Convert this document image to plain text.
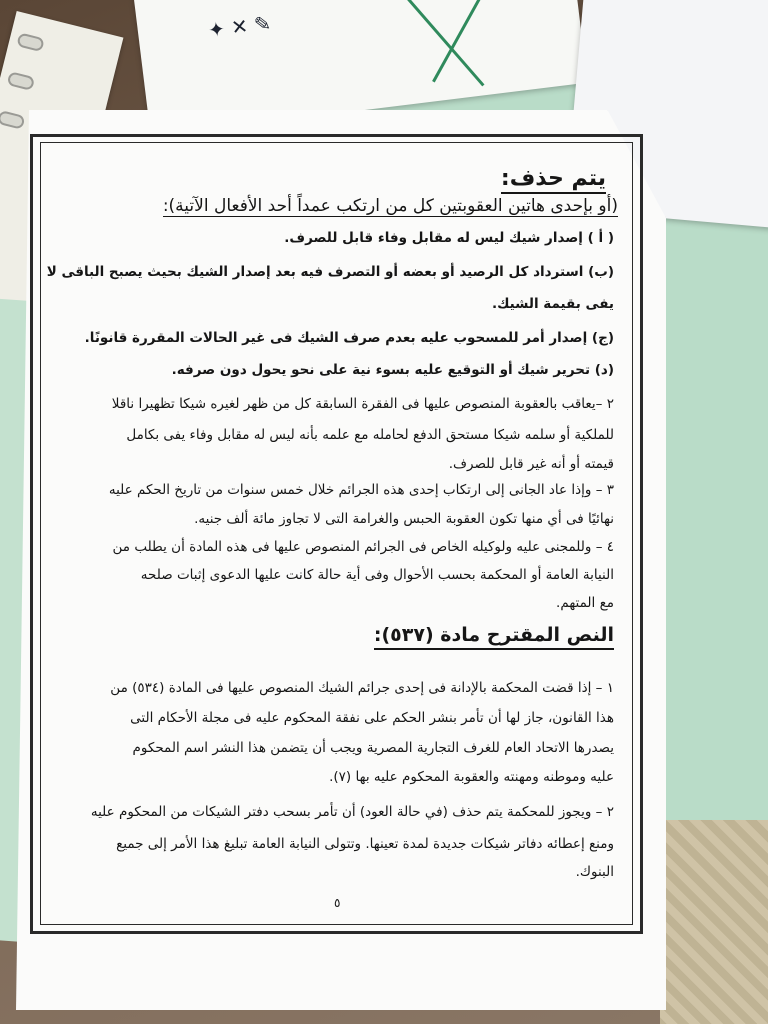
✦ ✕ ✎
يتم حذف:
(أو بإحدى هاتين العقوبتين كل من ارتكب عمداً أحد الأفعال الآتية):
( أ ) إصدار شيك ليس له مقابل وفاء قابل للصرف.
(ب) استرداد كل الرصيد أو بعضه أو التصرف فيه بعد إصدار الشيك بحيث يصبح الباقى لا
يفى بقيمة الشيك.
(ج) إصدار أمر للمسحوب عليه بعدم صرف الشيك فى غير الحالات المقررة قانونًا.
(د) تحرير شيك أو التوقيع عليه بسوء نية على نحو يحول دون صرفه.
٢ –يعاقب بالعقوبة المنصوص عليها فى الفقرة السابقة كل من ظهر لغيره شيكا تظهيرا ناقلا
للملكية أو سلمه شيكا مستحق الدفع لحامله مع علمه بأنه ليس له مقابل وفاء يفى بكامل
قيمته أو أنه غير قابل للصرف.
٣ – وإذا عاد الجانى إلى ارتكاب إحدى هذه الجرائم خلال خمس سنوات من تاريخ الحكم عليه
نهائيًا فى أي منها تكون العقوبة الحبس والغرامة التى لا تجاوز مائة ألف جنيه.
٤ – وللمجنى عليه ولوكيله الخاص فى الجرائم المنصوص عليها فى هذه المادة أن يطلب من
النيابة العامة أو المحكمة بحسب الأحوال وفى أية حالة كانت عليها الدعوى إثبات صلحه
مع المتهم.
النص المقترح مادة (٥٣٧):
١ – إذا قضت المحكمة بالإدانة فى إحدى جرائم الشيك المنصوص عليها فى المادة (٥٣٤) من
هذا القانون، جاز لها أن تأمر بنشر الحكم على نفقة المحكوم عليه فى مجلة الأحكام التى
يصدرها الاتحاد العام للغرف التجارية المصرية ويجب أن يتضمن هذا النشر اسم المحكوم
عليه وموطنه ومهنته والعقوبة المحكوم عليه بها (٧).
٢ – ويجوز للمحكمة يتم حذف (في حالة العود) أن تأمر بسحب دفتر الشيكات من المحكوم عليه
ومنع إعطائه دفاتر شيكات جديدة لمدة تعينها. وتتولى النيابة العامة تبليغ هذا الأمر إلى جميع
البنوك.
٥
